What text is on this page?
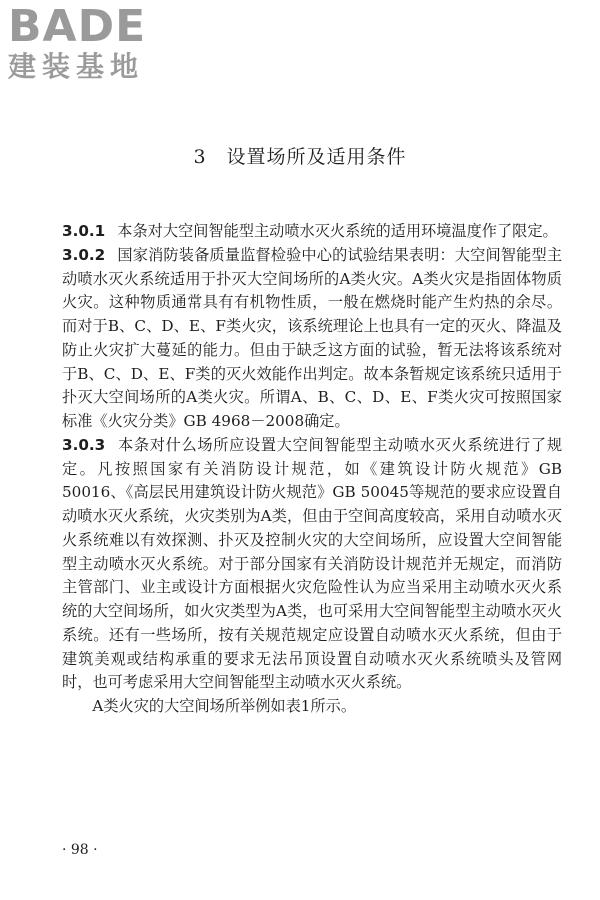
BADE
建装基地
3　设置场所及适用条件

3.0.1 本条对大空间智能型主动喷水灭火系统的适用环境温度作了限定。

3.0.2 国家消防装备质量监督检验中心的试验结果表明：大空间智能型主动喷水灭火系统适用于扑灭大空间场所的A类火灾。A类火灾是指固体物质火灾。这种物质通常具有有机物性质，一般在燃烧时能产生灼热的余尽。而对于B、C、D、E、F类火灾，该系统理论上也具有一定的灭火、降温及防止火灾扩大蔓延的能力。但由于缺乏这方面的试验，暂无法将该系统对于B、C、D、E、F类的灭火效能作出判定。故本条暂规定该系统只适用于扑灭大空间场所的A类火灾。所谓A、B、C、D、E、F类火灾可按照国家标准《火灾分类》GB 4968－2008确定。

3.0.3 本条对什么场所应设置大空间智能型主动喷水灭火系统进行了规定。凡按照国家有关消防设计规范，如《建筑设计防火规范》GB 50016、《高层民用建筑设计防火规范》GB 50045等规范的要求应设置自动喷水灭火系统，火灾类别为A类，但由于空间高度较高，采用自动喷水灭火系统难以有效探测、扑灭及控制火灾的大空间场所，应设置大空间智能型主动喷水灭火系统。对于部分国家有关消防设计规范并无规定，而消防主管部门、业主或设计方面根据火灾危险性认为应当采用主动喷水灭火系统的大空间场所，如火灾类型为A类，也可采用大空间智能型主动喷水灭火系统。还有一些场所，按有关规范规定应设置自动喷水灭火系统，但由于建筑美观或结构承重的要求无法吊顶设置自动喷水灭火系统喷头及管网时，也可考虑采用大空间智能型主动喷水灭火系统。

A类火灾的大空间场所举例如表1所示。

· 98 ·
